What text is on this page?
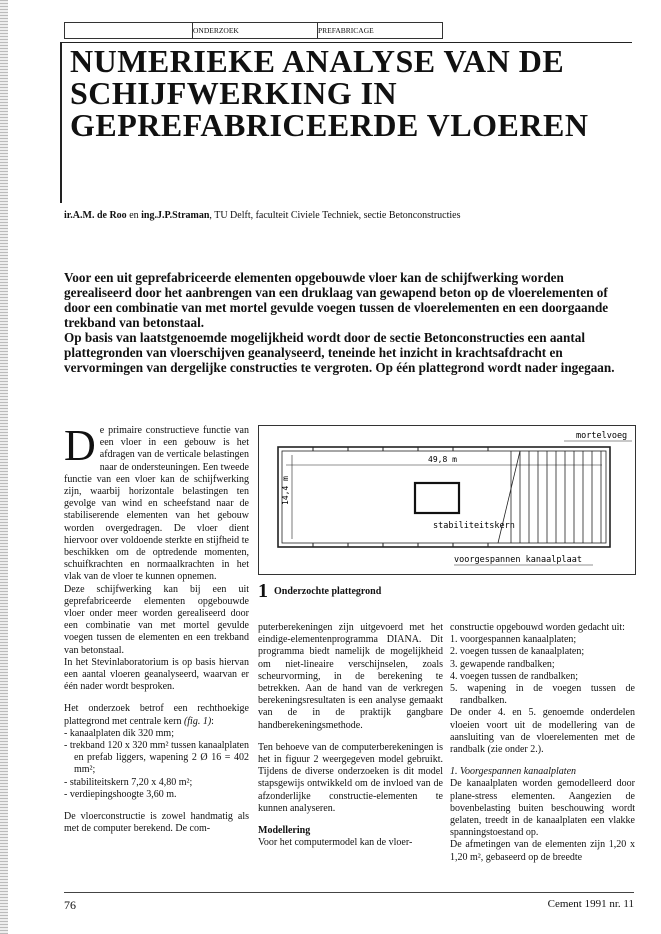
ONDERZOEK	PREFABRICAGE
NUMERIEKE ANALYSE VAN DE SCHIJFWERKING IN GEPREFABRICEERDE VLOEREN
ir.A.M. de Roo en ing.J.P.Straman, TU Delft, faculteit Civiele Techniek, sectie Betonconstructies

Voor een uit geprefabriceerde elementen opgebouwde vloer kan de schijfwerking worden gerealiseerd door het aanbrengen van een druklaag van gewapend beton op de vloerelementen of door een combinatie van met mortel gevulde voegen tussen de vloerelementen en een doorgaande trekband van betonstaal.

Op basis van laatstgenoemde mogelijkheid wordt door de sectie Betonconstructies een aantal plattegronden van vloerschijven geanalyseerd, teneinde het inzicht in krachtsafdracht en vervormingen van dergelijke constructies te vergroten. Op één plattegrond wordt nader ingegaan.

De primaire constructieve functie van een vloer in een gebouw is het afdragen van de verticale belastingen naar de ondersteuningen. Een tweede functie van een vloer kan de schijfwerking zijn, waarbij horizontale belastingen ten gevolge van wind en scheefstand naar de stabiliserende elementen van het gebouw worden overgedragen. De vloer dient hiervoor over voldoende sterkte en stijfheid te beschikken om de optredende momenten, schuifkrachten en normaalkrachten in het vlak van de vloer te kunnen opnemen.

Deze schijfwerking kan bij een uit geprefabriceerde elementen opgebouwde vloer onder meer worden gerealiseerd door een combinatie van met mortel gevulde voegen tussen de elementen en een trekband van betonstaal.

In het Stevinlaboratorium is op basis hiervan een aantal vloeren geanalyseerd, waarvan er één nader wordt besproken.

Het onderzoek betrof een rechthoekige plattegrond met centrale kern (fig. 1):

- kanaalplaten dik 320 mm;
- trekband 120 x 320 mm² tussen kanaalplaten en prefab liggers, wapening 2 Ø 16 = 402 mm²;
- stabiliteitskern 7,20 x 4,80 m²;
- verdiepingshoogte 3,60 m.

De vloerconstructie is zowel handmatig als met de computer berekend. De com-

49,8 m
14,4 m
stabiliteitskern
mortelvoeg
voorgespannen kanaalplaat
1 Onderzochte plattegrond

puterberekeningen zijn uitgevoerd met het eindige-elementenprogramma DIANA. Dit programma biedt namelijk de mogelijkheid om niet-lineaire verschijnselen, zoals scheurvorming, in de berekening te betrekken. Aan de hand van de verkregen berekeningsresultaten is een analyse gemaakt van de in de praktijk gangbare handberekeningsmethode.

Ten behoeve van de computerberekeningen is het in figuur 2 weergegeven model gebruikt. Tijdens de diverse onderzoeken is dit model stapsgewijs ontwikkeld om de invloed van de afzonderlijke constructie-elementen te kunnen analyseren.

Modellering

Voor het computermodel kan de vloer-

constructie opgebouwd worden gedacht uit:

1. voorgespannen kanaalplaten;
2. voegen tussen de kanaalplaten;
3. gewapende randbalken;
4. voegen tussen de randbalken;
5. wapening in de voegen tussen de randbalken.

De onder 4. en 5. genoemde onderdelen vloeien voort uit de modellering van de aansluiting van de vloerelementen met de randbalk (zie onder 2.).

1. Voorgespannen kanaalplaten

De kanaalplaten worden gemodelleerd door plane-stress elementen. Aangezien de bovenbelasting buiten beschouwing wordt gelaten, treedt in de kanaalplaten een vlakke spanningstoestand op.

De afmetingen van de elementen zijn 1,20 x 1,20 m², gebaseerd op de breedte

76	Cement 1991 nr. 11
